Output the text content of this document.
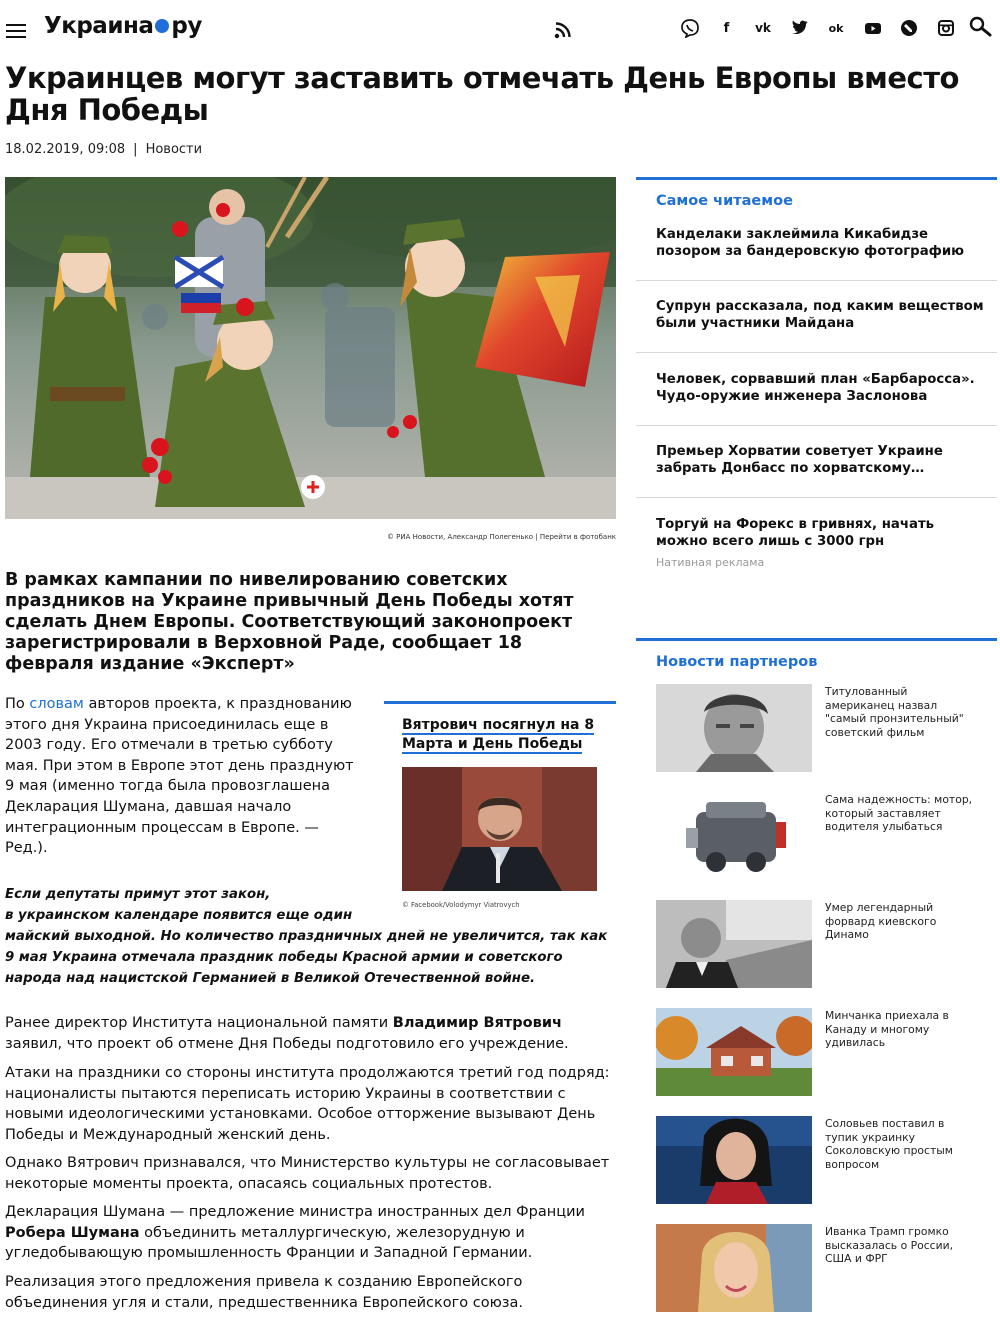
Украина ру	f	vk	ok
Украинцев могут заставить отмечать День Европы вместо Дня Победы
18.02.2019, 09:08 | Новости
© РИА Новости, Александр Полегенько | Перейти в фотобанк

В рамках кампании по нивелированию советских праздников на Украине привычный День Победы хотят сделать Днем Европы. Соответствующий законопроект зарегистрировали в Верховной Раде, сообщает 18 февраля издание «Эксперт»

По словам авторов проекта, к празднованию этого дня Украина присоединилась еще в 2003 году. Его отмечали в третью субботу мая. При этом в Европе этот день празднуют 9 мая (именно тогда была провозглашена Декларация Шумана, давшая начало интеграционным процессам в Европе. — Ред.).

Вятрович посягнул на 8 Марта и День Победы
© Facebook/Volodymyr Viatrovych
Если депутаты примут этот закон,
в украинском календаре появится еще один
майский выходной. Но количество праздничных дней не увеличится, так как 9 мая Украина отмечала праздник победы Красной армии и советского народа над нацистской Германией в Великой Отечественной войне.

Ранее директор Института национальной памяти Владимир Вятрович заявил, что проект об отмене Дня Победы подготовило его учреждение.

Атаки на праздники со стороны института продолжаются третий год подряд: националисты пытаются переписать историю Украины в соответствии с новыми идеологическими установками. Особое отторжение вызывают День Победы и Международный женский день.

Однако Вятрович признавался, что Министерство культуры не согласовывает некоторые моменты проекта, опасаясь социальных протестов.

Декларация Шумана — предложение министра иностранных дел Франции Робера Шумана объединить металлургическую, железорудную и угледобывающую промышленность Франции и Западной Германии.

Реализация этого предложения привела к созданию Европейского объединения угля и стали, предшественника Европейского союза.

Самое читаемое
Канделаки заклеймила Кикабидзе позором за бандеровскую фотографию
Супрун рассказала, под каким веществом были участники Майдана
Человек, сорвавший план «Барбаросса». Чудо-оружие инженера Заслонова
Премьер Хорватии советует Украине забрать Донбасс по хорватскому…
Торгуй на Форекс в гривнях, начать можно всего лишь с 3000 грн
Нативная реклама
Новости партнеров
Титулованный американец назвал "самый пронзительный" советский фильм
Сама надежность: мотор, который заставляет водителя улыбаться
Умер легендарный форвард киевского Динамо
Минчанка приехала в Канаду и многому удивилась
Соловьев поставил в тупик украинку Соколовскую простым вопросом
Иванка Трамп громко высказалась о России, США и ФРГ
